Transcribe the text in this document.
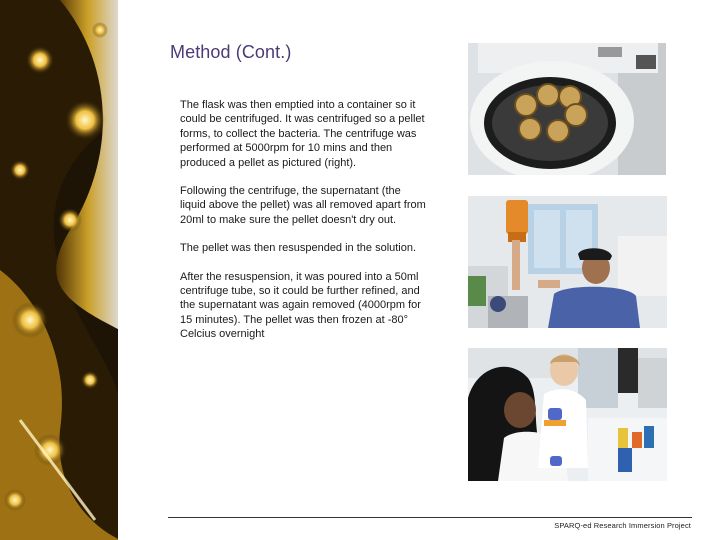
Method (Cont.)

The flask was then emptied into a container so it could be centrifuged. It was centrifuged so a pellet forms, to collect the bacteria. The centrifuge was performed at 5000rpm for 10 mins and then produced a pellet as pictured (right).

Following the centrifuge, the supernatant (the liquid above the pellet) was all removed apart from 20ml to make sure the pellet doesn't dry out.

The pellet was then resuspended in the solution.

After the resuspension, it was poured into a 50ml centrifuge tube, so it could be further refined, and the supernatant was again removed (4000rpm for 15 minutes). The pellet was then frozen at -80° Celcius overnight

SPARQ-ed Research Immersion Project
